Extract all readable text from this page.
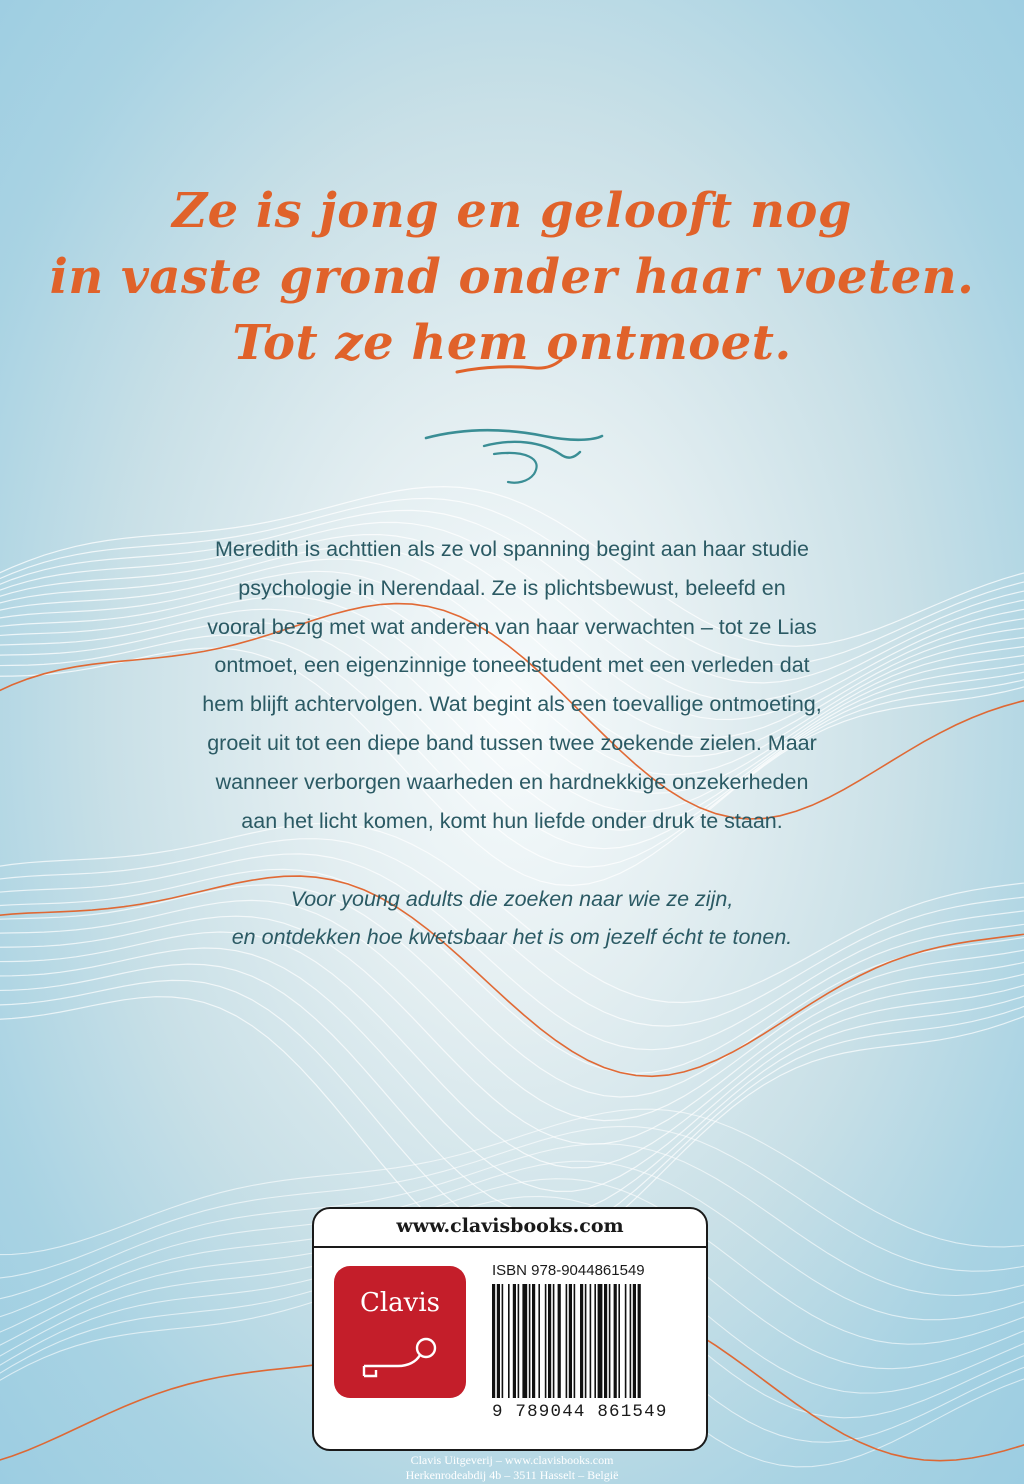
Ze is jong en gelooft nog
in vaste grond onder haar voeten.
Tot ze hem ontmoet.
Meredith is achttien als ze vol spanning begint aan haar studie
psychologie in Nerendaal. Ze is plichtsbewust, beleefd en
vooral bezig met wat anderen van haar verwachten – tot ze Lias
ontmoet, een eigenzinnige toneelstudent met een verleden dat
hem blijft achtervolgen. Wat begint als een toevallige ontmoeting,
groeit uit tot een diepe band tussen twee zoekende zielen. Maar
wanneer verborgen waarheden en hardnekkige onzekerheden
aan het licht komen, komt hun liefde onder druk te staan.
Voor young adults die zoeken naar wie ze zijn,
en ontdekken hoe kwetsbaar het is om jezelf écht te tonen.
www.clavisbooks.com
Clavis
ISBN 978-9044861549
9 789044 861549
Clavis Uitgeverij – www.clavisbooks.com
Herkenrodeabdij 4b – 3511 Hasselt – België
